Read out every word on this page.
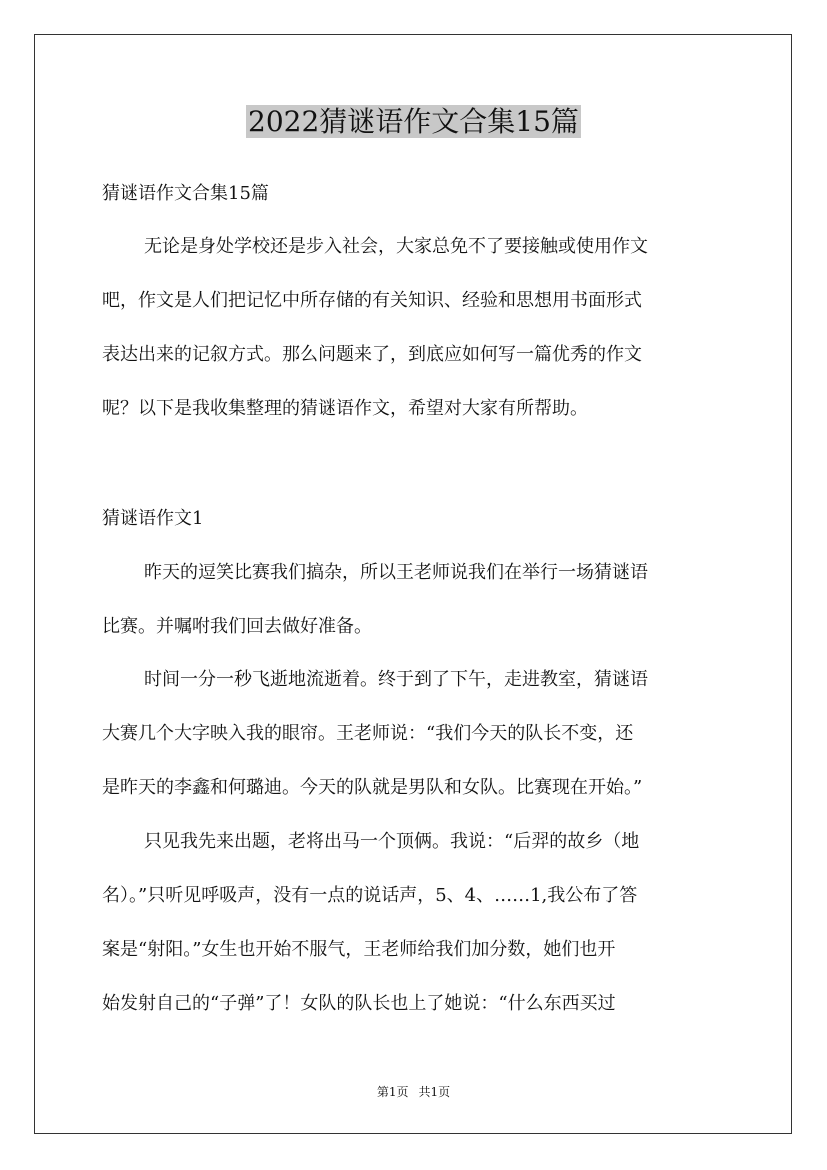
2022猜谜语作文合集15篇

猜谜语作文合集15篇

无论是身处学校还是步入社会，大家总免不了要接触或使用作文

吧，作文是人们把记忆中所存储的有关知识、经验和思想用书面形式

表达出来的记叙方式。那么问题来了，到底应如何写一篇优秀的作文

呢？以下是我收集整理的猜谜语作文，希望对大家有所帮助。

猜谜语作文1

昨天的逗笑比赛我们搞杂，所以王老师说我们在举行一场猜谜语

比赛。并嘱咐我们回去做好准备。

时间一分一秒飞逝地流逝着。终于到了下午，走进教室，猜谜语

大赛几个大字映入我的眼帘。王老师说：“我们今天的队长不变，还

是昨天的李鑫和何璐迪。今天的队就是男队和女队。比赛现在开始。”

只见我先来出题，老将出马一个顶俩。我说：“后羿的故乡（地

名）。”只听见呼吸声，没有一点的说话声，5、4、……1,我公布了答

案是“射阳。”女生也开始不服气，王老师给我们加分数，她们也开

始发射自己的“子弹”了！女队的队长也上了她说：“什么东西买过

第1页 共1页
